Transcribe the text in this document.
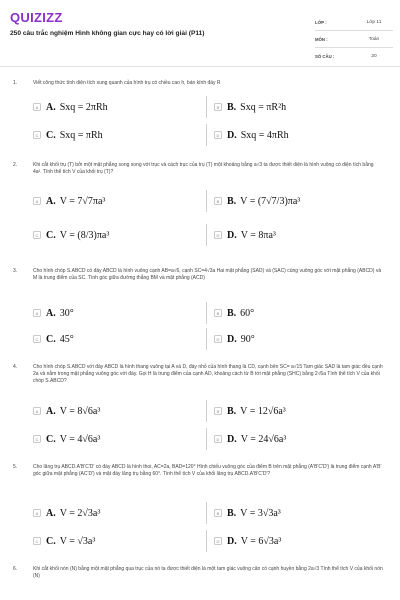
QUIZIZZ
250 câu trắc nghiệm Hình không gian cực hay có lời giải (P11)
LỚP :	Lớp 11
MÔN :	Toán
SỐ CÂU :	20
1.	Viết công thức tính diện tích xung quanh của hình trụ có chiều cao h, bán kính đáy R
A A. Sxq = 2πRh	B B. Sxq = πR²h
C C. Sxq = πRh	D D. Sxq = 4πRh
2.	Khi cắt khối trụ (T) bởi một mặt phẳng song song với trục và cách trục của trụ (T) một khoảng bằng a√3 ta được thiết diện là hình vuông có diện tích bằng 4a². Tính thể tích V của khối trụ (T)?
A A. V = 7√7πa³	B B. V = (7√7/3)πa³
C C. V = (8/3)πa³	D D. V = 8πa³
3.	Cho hình chóp S.ABCD có đáy ABCD là hình vuông cạnh AB=a√6, cạnh SC=4√3a Hai mặt phẳng (SAD) và (SAC) cùng vuông góc với mặt phẳng (ABCD) và M là trung điểm của SC. Tính góc giữa đường thẳng BM và mặt phẳng (ACD)
A A. 30°	B B. 60°
C C. 45°	D D. 90°
4.	Cho hình chóp S.ABCD với đáy ABCD là hình thang vuông tại A và D, đáy nhỏ của hình thang là CD, cạnh bên SC= a√15 Tam giác SAD là tam giác đều cạnh 2a và nằm trong mặt phẳng vuông góc với đáy. Gọi H là trung điểm của cạnh AD, khoảng cách từ B tới mặt phẳng (SHC) bằng 2√6a Tính thể tích V của khối chóp S.ABCD?
A A. V = 8√6a³	B B. V = 12√6a³
C C. V = 4√6a³	D D. V = 24√6a³
5.	Cho lăng trụ ABCD.A'B'C'D' có đáy ABCD là hình thoi, AC=2a, BAD=120° Hình chiếu vuông góc của điểm B trên mặt phẳng (A'B'C'D') là trung điểm cạnh A'B' góc giữa mặt phẳng (AC'D') và mặt đáy lăng trụ bằng 60°. Tính thể tích V của khối lăng trụ ABCD.A'B'C'D'?
A A. V = 2√3a³	B B. V = 3√3a³
C C. V = √3a³	D D. V = 6√3a³
6.	Khi cắt khối nón (N) bằng một mặt phẳng qua trục của nó ta được thiết diện là một tam giác vuông cân có cạnh huyền bằng 2a√3 Tính thể tích V của khối nón (N)
